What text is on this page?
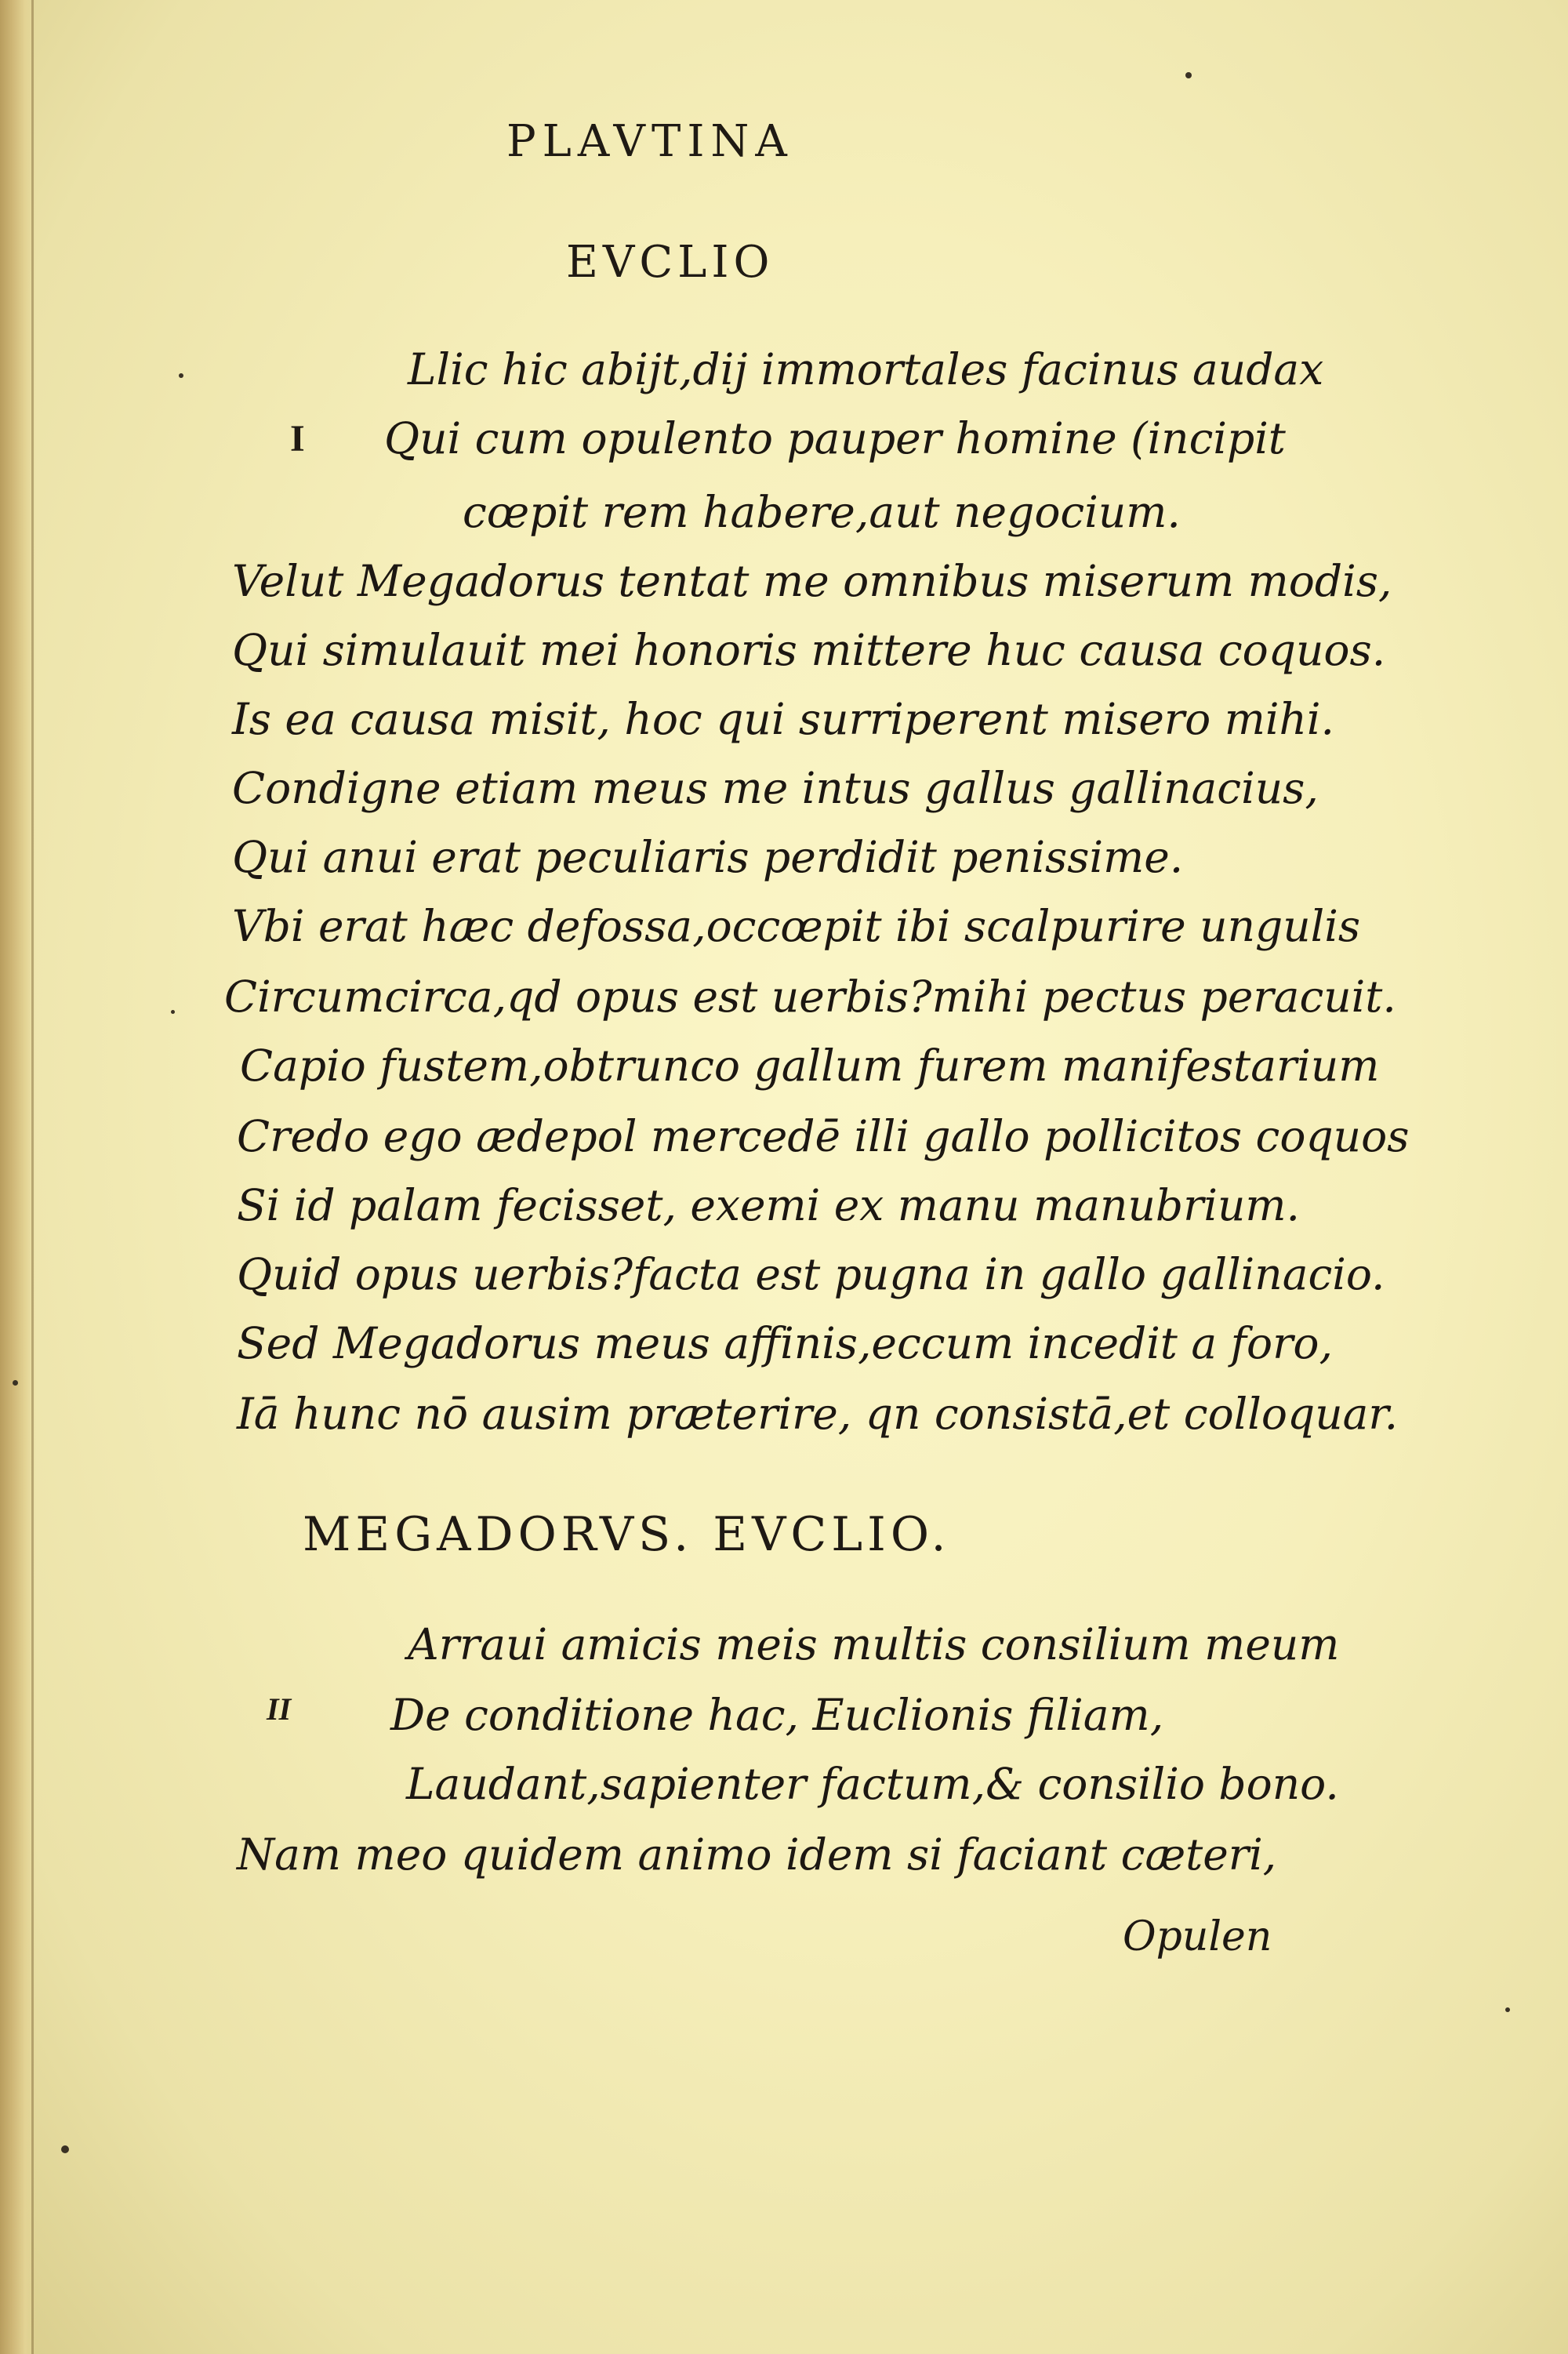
PLAVTINA
EVCLIO
I
Llic hic abijt,dij immortales facinus audax
Qui cum opulento pauper homine (incipit
cœpit rem habere,aut negocium.
Velut Megadorus tentat me omnibus miserum modis,
Qui simulauit mei honoris mittere huc causa coquos.
Is ea causa misit, hoc qui surriperent misero mihi.
Condigne etiam meus me intus gallus gallinacius,
Qui anui erat peculiaris perdidit penissime.
Vbi erat hæc defossa,occœpit ibi scalpurire ungulis
Circumcirca,qd opus est uerbis?mihi pectus peracuit.
Capio fustem,obtrunco gallum furem manifestarium
Credo ego ædepol mercedē illi gallo pollicitos coquos
Si id palam fecisset, exemi ex manu manubrium.
Quid opus uerbis?facta est pugna in gallo gallinacio.
Sed Megadorus meus affinis,eccum incedit a foro,
Iā hunc nō ausim præterire, qn consistā,et colloquar.
MEGADORVS. EVCLIO.
II
Arraui amicis meis multis consilium meum
De conditione hac, Euclionis filiam,
Laudant,sapienter factum,& consilio bono.
Nam meo quidem animo idem si faciant cæteri,
Opulen
